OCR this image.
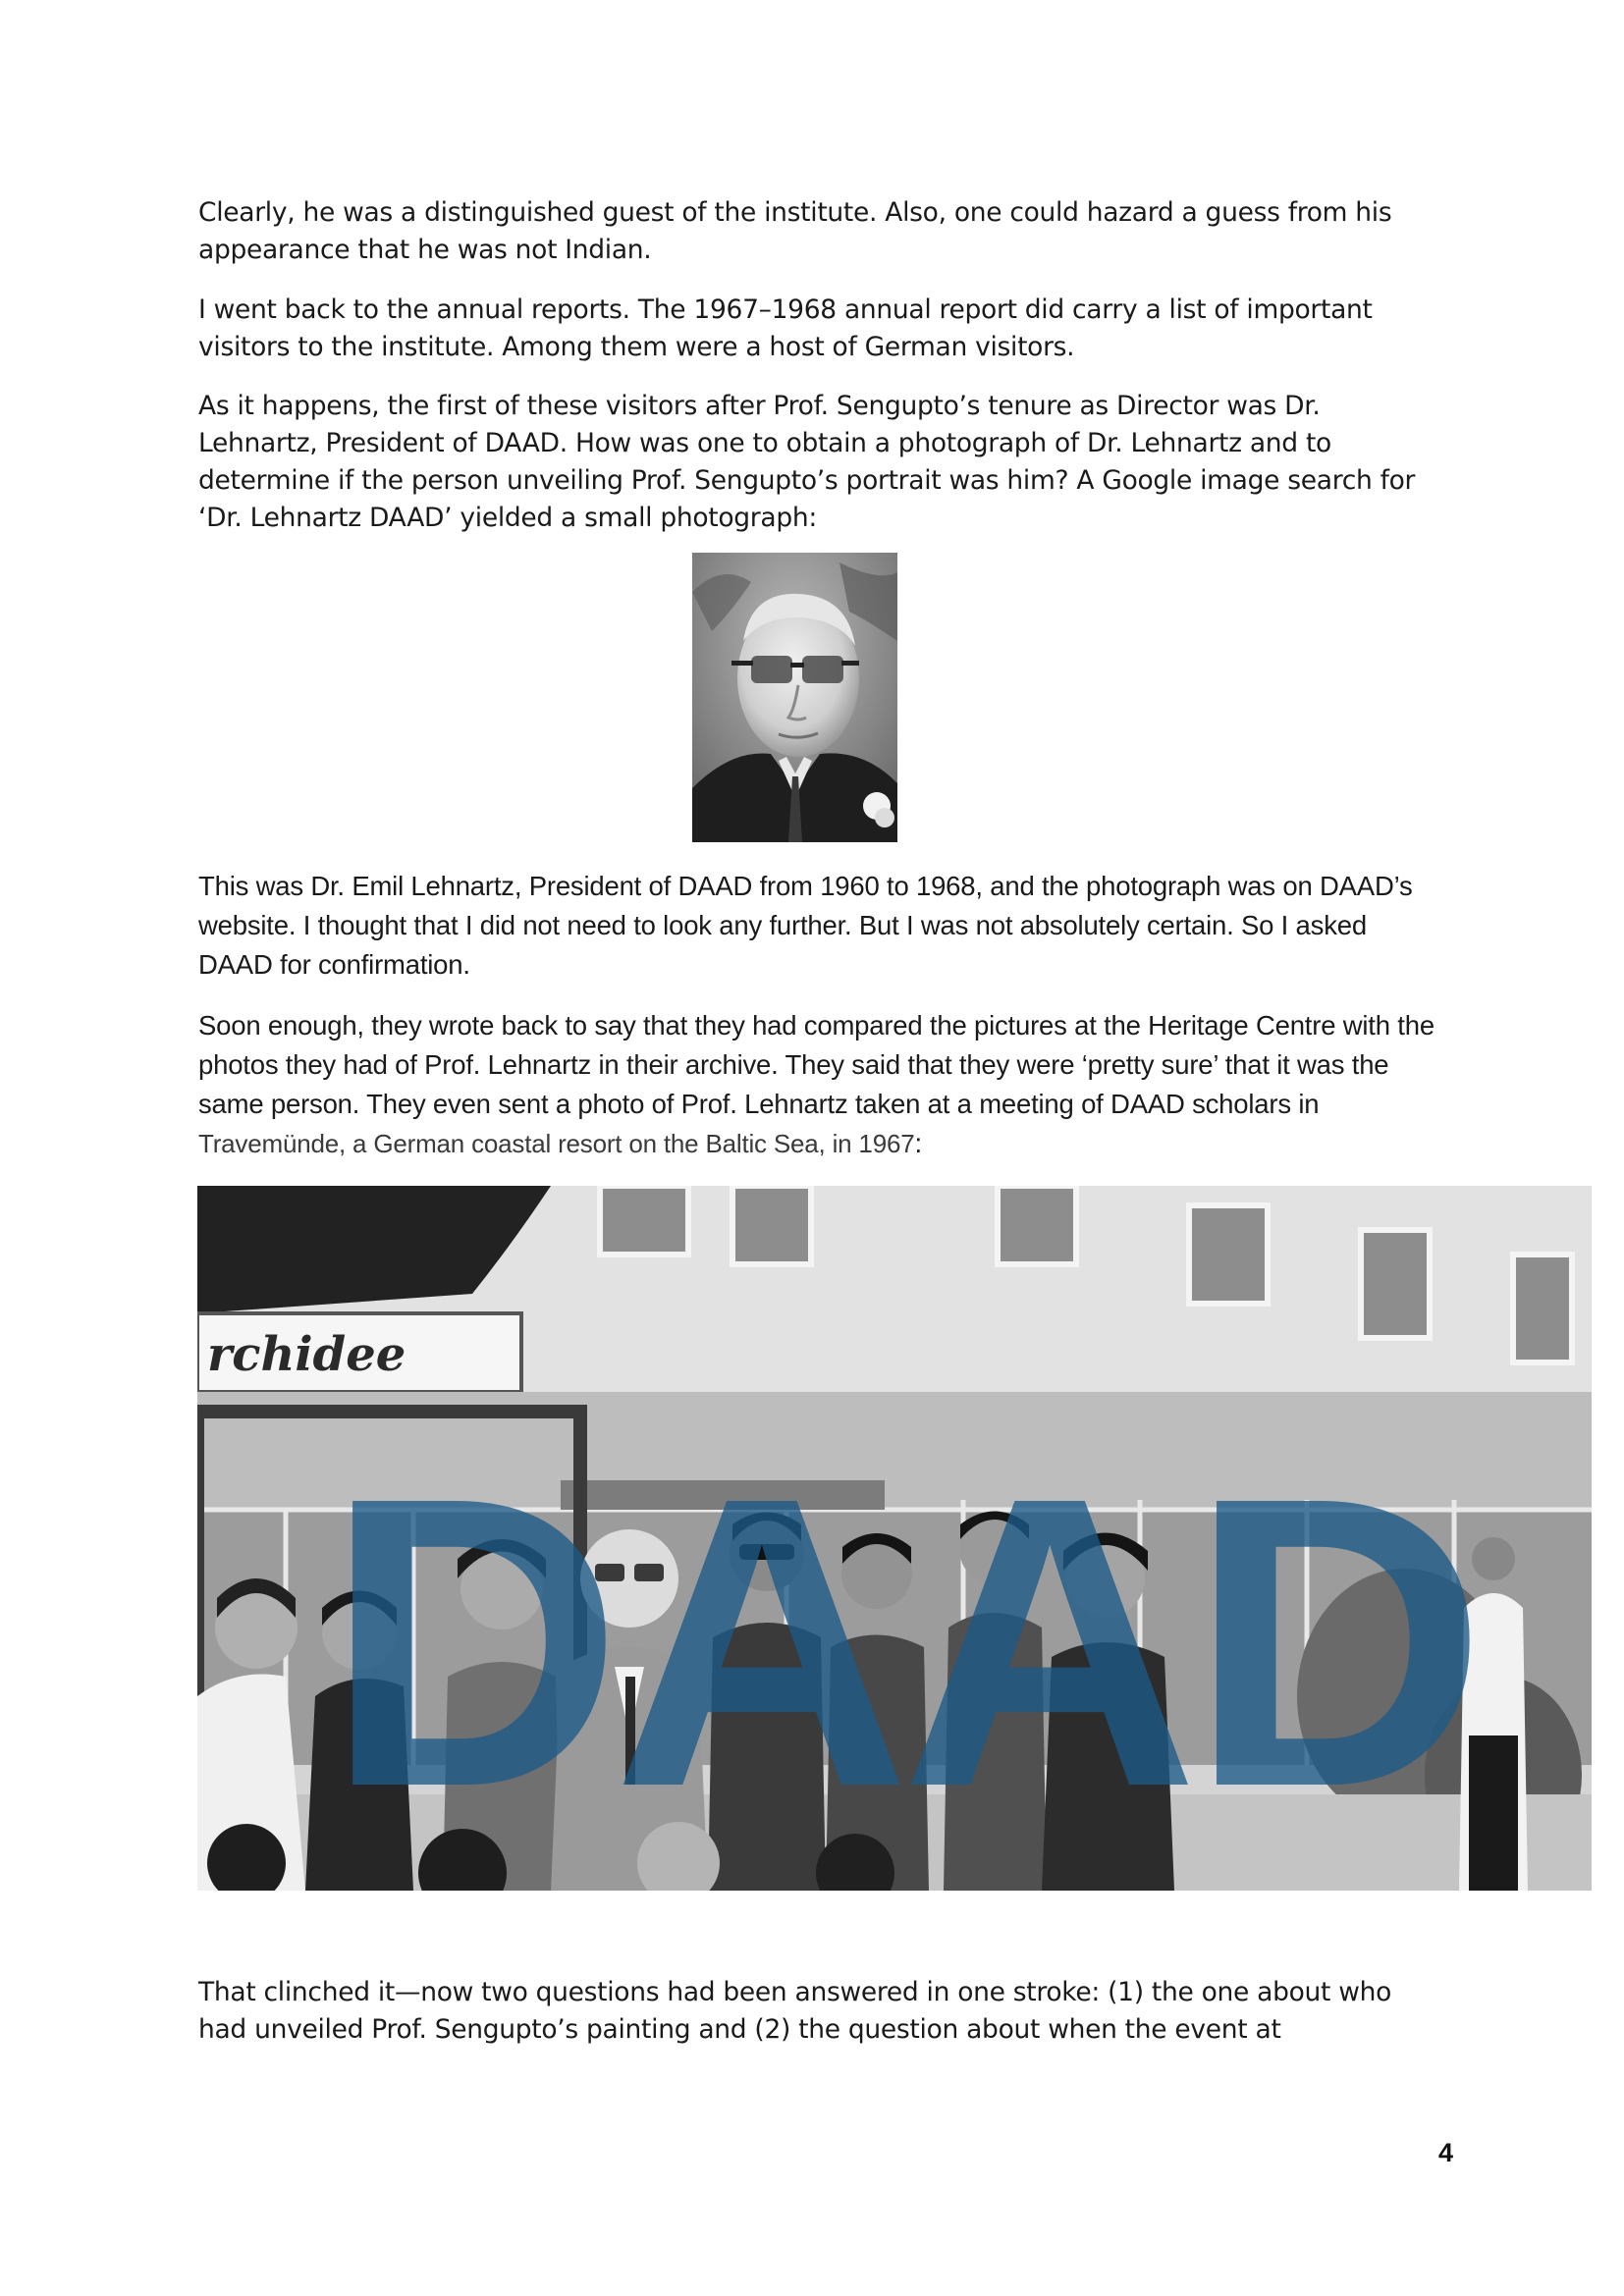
Clearly, he was a distinguished guest of the institute. Also, one could hazard a guess from his appearance that he was not Indian.

I went back to the annual reports. The 1967–1968 annual report did carry a list of important visitors to the institute. Among them were a host of German visitors.

As it happens, the first of these visitors after Prof. Sengupto’s tenure as Director was Dr. Lehnartz, President of DAAD. How was one to obtain a photograph of Dr. Lehnartz and to determine if the person unveiling Prof. Sengupto’s portrait was him? A Google image search for ‘Dr. Lehnartz DAAD’ yielded a small photograph:

This was Dr. Emil Lehnartz, President of DAAD from 1960 to 1968, and the photograph was on DAAD’s website. I thought that I did not need to look any further. But I was not absolutely certain. So I asked DAAD for confirmation.

Soon enough, they wrote back to say that they had compared the pictures at the Heritage Centre with the photos they had of Prof. Lehnartz in their archive. They said that they were ‘pretty sure’ that it was the same person. They even sent a photo of Prof. Lehnartz taken at a meeting of DAAD scholars in Travemünde, a German coastal resort on the Baltic Sea, in 1967:

rchidee
DAAD

That clinched it—now two questions had been answered in one stroke: (1) the one about who had unveiled Prof. Sengupto’s painting and (2) the question about when the event at

4
